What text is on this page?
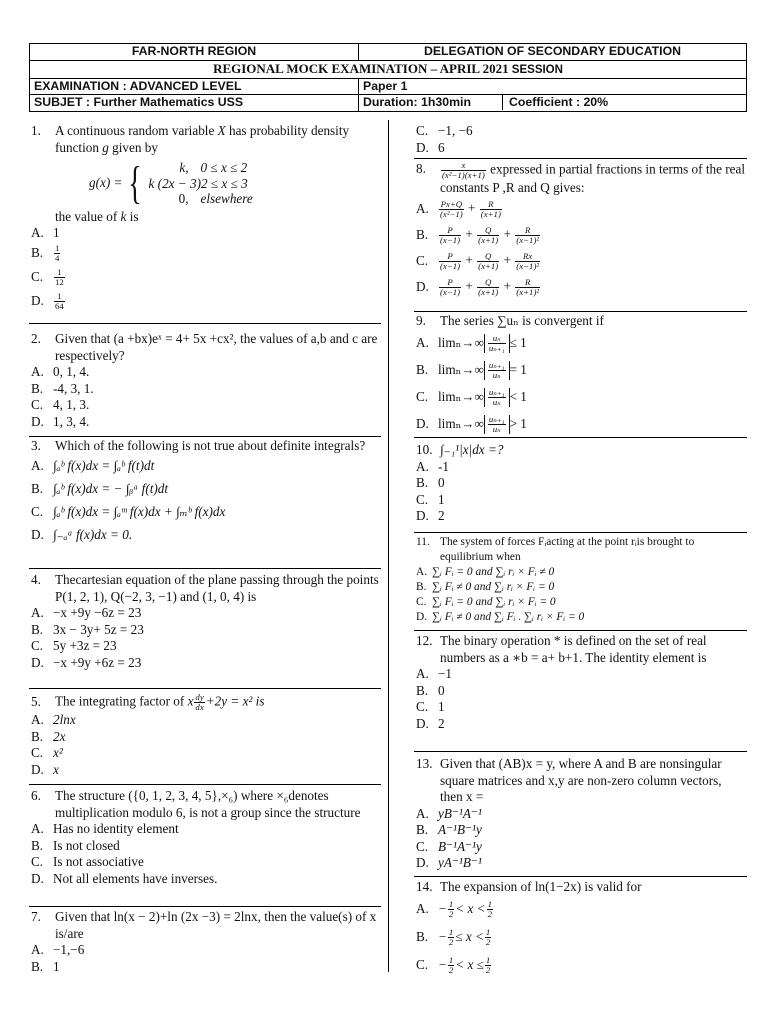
FAR-NORTH REGION	DELEGATION OF SECONDARY EDUCATION
REGIONAL MOCK EXAMINATION – APRIL 2021 SESSION	
EXAMINATION : ADVANCED LEVEL	Paper 1
SUBJET : Further Mathematics USS	Duration: 1h30min Coefficient : 20%
1.	A continuous random variable X has probability density function g given by
g(x) = {	k, 0 ≤ x ≤ 2
k (2x − 3)2 ≤ x ≤ 3
0, elsewhere
the value of k is
A. 1
B.	$\frac{1}{4}$
C.	$\frac{1}{12}$
D.	$\frac{1}{64}$
2.	Given that (a +bx)eˣ = 4+ 5x +cx², the values of a,b and c are respectively?
A. 0, 1, 4.
B. -4, 3, 1.
C. 4, 1, 3.
D. 1, 3, 4.
3.	Which of the following is not true about definite integrals?
A. ∫ₐᵇ f(x)dx = ∫ₐᵇ f(t)dt
B. ∫ₐᵇ f(x)dx = − ∫ᵦᵃ f(t)dt
C. ∫ₐᵇ f(x)dx = ∫ₐᵐ f(x)dx + ∫ₘᵇ f(x)dx
D. ∫₋ₐᵃ f(x)dx = 0.
4.	Thecartesian equation of the plane passing through the points P(1, 2, 1), Q(−2, 3, −1) and (1, 0, 4) is
A. −x +9y −6z = 23
B. 3x − 3y+ 5z = 23
C. 5y +3z = 23
D. −x +9y +6z = 23
5.	The integrating factor of x $\frac{dy}{dx} +2y = x^2$ is
A. 2lnx
B. 2x
C. x²
D. x
6.	The structure ({0, 1, 2, 3, 4, 5},×₆) where ×₆denotes multiplication modulo 6, is not a group since the structure
A. Has no identity element
B. Is not closed
C. Is not associative
D. Not all elements have inverses.
7.	Given that ln(x − 2)+ln (2x −3) = 2lnx, then the value(s) of x is/are
A. −1,−6
B. 1
C. −1, −6
D. 6
8.	$\frac{x}{\text{(x²−1)(x+1)}}$ expressed in partial fractions in terms of the real constants P ,R and Q gives:
A.	$\frac{Px+Q}{\text{(x²−1)}} + \frac{R}{(x+1)}$
B.	$\frac{P}{(x-1)} + \frac{Q}{(x+1)} + \frac{R}{\text{(x−1)²}}$
C.	$\frac{P}{(x-1)} + \frac{Q}{(x+1)} + \frac{Rx}{\text{(x−1)²}}$
D.	$\frac{P}{(x-1)} + \frac{Q}{(x+1)} + \frac{R}{\text{(x+1)²}}$
9.	The series ∑uₙ is convergent if
A. $\lim_n\to\infty \frac{\text{uₙ}}{\text{uₙ₊₁}} \le 1$
B. $\lim_n\to\infty \frac{\text{uₙ₊₁}}{\text{uₙ}} = 1$
C. $\lim_n\to\infty \frac{\text{uₙ₊₁}}{\text{uₙ}} < 1$
D. $\lim_n\to\infty \frac{\text{uₙ₊₁}}{\text{uₙ}} > 1$
10. ∫₋₁¹|x|dx =?
A. -1
B. 0
C. 1
D. 2
11. The system of forces Fᵢacting at the point rᵢis brought to equilibrium when
A. ∑ᵢ Fᵢ = 0 and ∑ᵢ rᵢ × Fᵢ ≠ 0
B. ∑ᵢ Fᵢ ≠ 0 and ∑ᵢ rᵢ × Fᵢ = 0
C. ∑ᵢ Fᵢ = 0 and ∑ᵢ rᵢ × Fᵢ = 0
D. ∑ᵢ Fᵢ ≠ 0 and ∑ᵢ Fᵢ . ∑ᵢ rᵢ × Fᵢ = 0
12. The binary operation * is defined on the set of real numbers as a ∗b = a+ b+1. The identity element is
A. −1
B. 0
C. 1
D. 2
13. Given that (AB)x = y, where A and B are nonsingular square matrices and x,y are non-zero column vectors, then x =
A. yB⁻¹A⁻¹
B. A⁻¹B⁻¹y
C. B⁻¹A⁻¹y
D. yA⁻¹B⁻¹
14. The expansion of ln(1−2x) is valid for
A. − $\frac{1}{2} < x < \frac{1}{2}$
B. − $\frac{1}{2} \le x < \frac{1}{2}$
C. − $\frac{1}{2} < x \le \frac{1}{2}$
